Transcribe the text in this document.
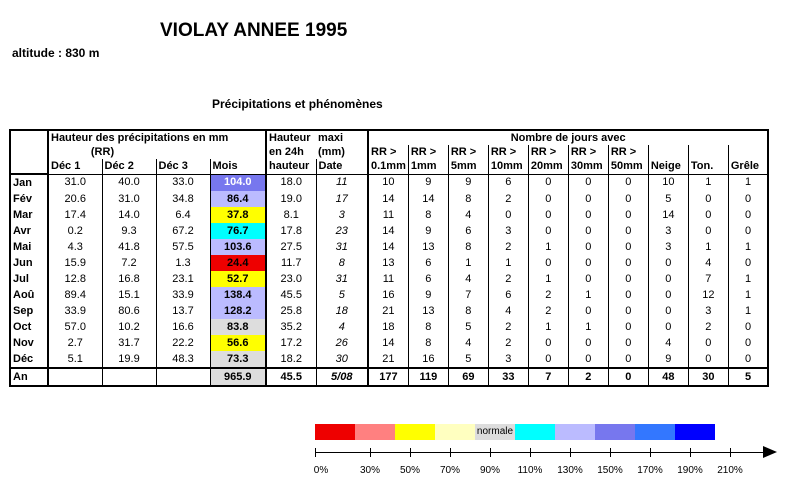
VIOLAY ANNEE 1995
altitude : 830 m
Précipitations et phénomènes
	Hauteur des précipitations en mm				Hauteur	maxi	Nombre de jours avec									
	(RR)				en 24h	(mm)	RR >	RR >	RR >	RR >	RR >	RR >	RR >			
	Déc 1	Déc 2	Déc 3	Mois	hauteur	Date	0.1mm	1mm	5mm	10mm	20mm	30mm	50mm	Neige	Ton.	Grêle
Jan	31.0	40.0	33.0	104.0	18.0	11	10	9	9	6	0	0	0	10	1	1
Fév	20.6	31.0	34.8	86.4	19.0	17	14	14	8	2	0	0	0	5	0	0
Mar	17.4	14.0	6.4	37.8	8.1	3	11	8	4	0	0	0	0	14	0	0
Avr	0.2	9.3	67.2	76.7	17.8	23	14	9	6	3	0	0	0	3	0	0
Mai	4.3	41.8	57.5	103.6	27.5	31	14	13	8	2	1	0	0	3	1	1
Jun	15.9	7.2	1.3	24.4	11.7	8	13	6	1	1	0	0	0	0	4	0
Jul	12.8	16.8	23.1	52.7	23.0	31	11	6	4	2	1	0	0	0	7	1
Aoû	89.4	15.1	33.9	138.4	45.5	5	16	9	7	6	2	1	0	0	12	1
Sep	33.9	80.6	13.7	128.2	25.8	18	21	13	8	4	2	0	0	0	3	1
Oct	57.0	10.2	16.6	83.8	35.2	4	18	8	5	2	1	1	0	0	2	0
Nov	2.7	31.7	22.2	56.6	17.2	26	14	8	4	2	0	0	0	4	0	0
Déc	5.1	19.9	48.3	73.3	18.2	30	21	16	5	3	0	0	0	9	0	0
An				965.9	45.5	5/08	177	119	69	33	7	2	0	48	30	5
normale
0%	30% 50% 70% 90% 110% 130% 150% 170% 190% 210%
